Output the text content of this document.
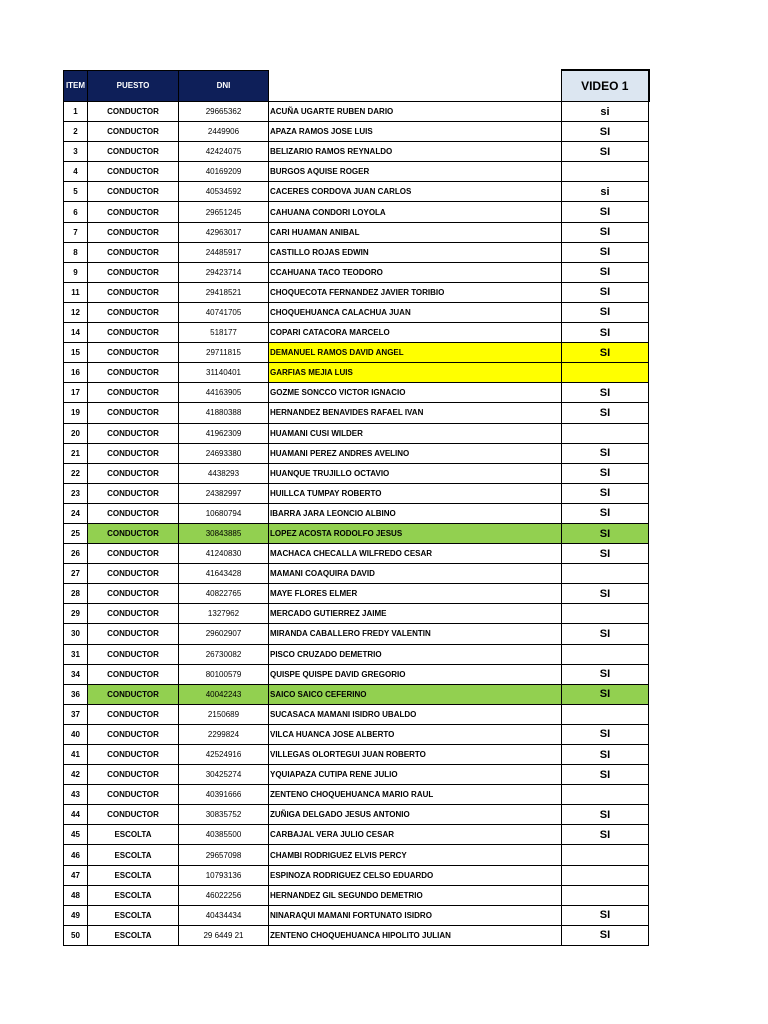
ITEM	PUESTO	DNI		VIDEO 1
1	CONDUCTOR	29665362	ACUÑA UGARTE RUBEN DARIO	si
2	CONDUCTOR	2449906	APAZA RAMOS JOSE LUIS	SI
3	CONDUCTOR	42424075	BELIZARIO RAMOS REYNALDO	SI
4	CONDUCTOR	40169209	BURGOS AQUISE ROGER	
5	CONDUCTOR	40534592	CACERES CORDOVA JUAN CARLOS	si
6	CONDUCTOR	29651245	CAHUANA CONDORI LOYOLA	SI
7	CONDUCTOR	42963017	CARI HUAMAN ANIBAL	SI
8	CONDUCTOR	24485917	CASTILLO ROJAS EDWIN	SI
9	CONDUCTOR	29423714	CCAHUANA TACO TEODORO	SI
11	CONDUCTOR	29418521	CHOQUECOTA FERNANDEZ JAVIER TORIBIO	SI
12	CONDUCTOR	40741705	CHOQUEHUANCA CALACHUA JUAN	SI
14	CONDUCTOR	518177	COPARI CATACORA MARCELO	SI
15	CONDUCTOR	29711815	DEMANUEL RAMOS DAVID ANGEL	SI
16	CONDUCTOR	31140401	GARFIAS MEJIA LUIS	
17	CONDUCTOR	44163905	GOZME SONCCO VICTOR IGNACIO	SI
19	CONDUCTOR	41880388	HERNANDEZ BENAVIDES RAFAEL IVAN	SI
20	CONDUCTOR	41962309	HUAMANI CUSI WILDER	
21	CONDUCTOR	24693380	HUAMANI PEREZ ANDRES AVELINO	SI
22	CONDUCTOR	4438293	HUANQUE TRUJILLO OCTAVIO	SI
23	CONDUCTOR	24382997	HUILLCA TUMPAY ROBERTO	SI
24	CONDUCTOR	10680794	IBARRA JARA LEONCIO ALBINO	SI
25	CONDUCTOR	30843885	LOPEZ ACOSTA RODOLFO JESUS	SI
26	CONDUCTOR	41240830	MACHACA CHECALLA WILFREDO CESAR	SI
27	CONDUCTOR	41643428	MAMANI COAQUIRA DAVID	
28	CONDUCTOR	40822765	MAYE FLORES ELMER	SI
29	CONDUCTOR	1327962	MERCADO GUTIERREZ JAIME	
30	CONDUCTOR	29602907	MIRANDA CABALLERO FREDY VALENTIN	SI
31	CONDUCTOR	26730082	PISCO CRUZADO DEMETRIO	
34	CONDUCTOR	80100579	QUISPE QUISPE DAVID GREGORIO	SI
36	CONDUCTOR	40042243	SAICO SAICO CEFERINO	SI
37	CONDUCTOR	2150689	SUCASACA MAMANI ISIDRO UBALDO	
40	CONDUCTOR	2299824	VILCA HUANCA JOSE ALBERTO	SI
41	CONDUCTOR	42524916	VILLEGAS OLORTEGUI JUAN ROBERTO	SI
42	CONDUCTOR	30425274	YQUIAPAZA CUTIPA RENE JULIO	SI
43	CONDUCTOR	40391666	ZENTENO CHOQUEHUANCA MARIO RAUL	
44	CONDUCTOR	30835752	ZUÑIGA DELGADO JESUS ANTONIO	SI
45	ESCOLTA	40385500	CARBAJAL VERA JULIO CESAR	SI
46	ESCOLTA	29657098	CHAMBI RODRIGUEZ ELVIS PERCY	
47	ESCOLTA	10793136	ESPINOZA RODRIGUEZ CELSO EDUARDO	
48	ESCOLTA	46022256	HERNANDEZ GIL SEGUNDO DEMETRIO	
49	ESCOLTA	40434434	NINARAQUI MAMANI FORTUNATO ISIDRO	SI
50	ESCOLTA	29 6449 21	ZENTENO CHOQUEHUANCA HIPOLITO JULIAN	SI
